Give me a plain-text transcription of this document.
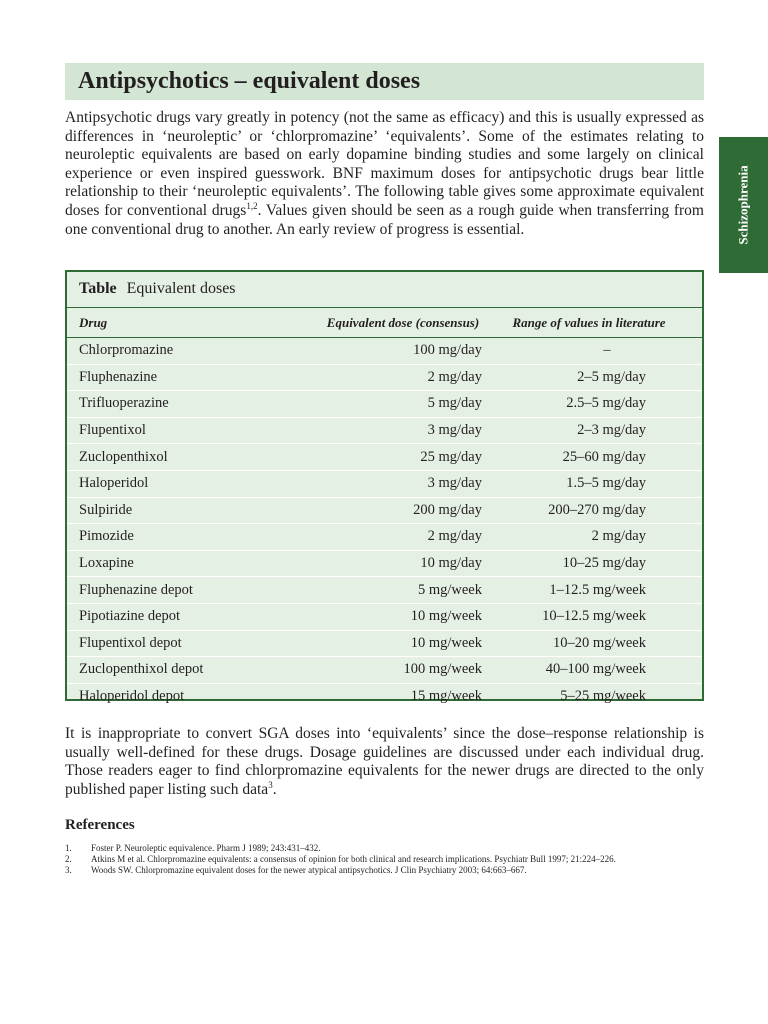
Antipsychotics – equivalent doses
Schizophrenia

Antipsychotic drugs vary greatly in potency (not the same as efficacy) and this is usually expressed as differences in ‘neuroleptic’ or ‘chlorpromazine’ ‘equivalents’. Some of the estimates relating to neuroleptic equivalents are based on early dopamine binding studies and some largely on clinical experience or even inspired guesswork. BNF maximum doses for antipsychotic drugs bear little relationship to their ‘neuroleptic equivalents’. The following table gives some approximate equivalent doses for conventional drugs$^{1,2}$. Values given should be seen as a rough guide when transferring from one conventional drug to another. An early review of progress is essential.

Table Equivalent doses
Drug	Equivalent dose (consensus)	Range of values in literature
Chlorpromazine	100 mg/day	–
Fluphenazine	2 mg/day	2–5 mg/day
Trifluoperazine	5 mg/day	2.5–5 mg/day
Flupentixol	3 mg/day	2–3 mg/day
Zuclopenthixol	25 mg/day	25–60 mg/day
Haloperidol	3 mg/day	1.5–5 mg/day
Sulpiride	200 mg/day	200–270 mg/day
Pimozide	2 mg/day	2 mg/day
Loxapine	10 mg/day	10–25 mg/day
Fluphenazine depot	5 mg/week	1–12.5 mg/week
Pipotiazine depot	10 mg/week	10–12.5 mg/week
Flupentixol depot	10 mg/week	10–20 mg/week
Zuclopenthixol depot	100 mg/week	40–100 mg/week
Haloperidol depot	15 mg/week	5–25 mg/week

It is inappropriate to convert SGA doses into ‘equivalents’ since the dose–response relationship is usually well-defined for these drugs. Dosage guidelines are discussed under each individual drug. Those readers eager to find chlorpromazine equivalents for the newer drugs are directed to the only published paper listing such data$^3$.

References
1.	Foster P. Neuroleptic equivalence. Pharm J 1989; 243:431–432.
2.	Atkins M et al. Chlorpromazine equivalents: a consensus of opinion for both clinical and research implications. Psychiatr Bull 1997; 21:224–226.
3.	Woods SW. Chlorpromazine equivalent doses for the newer atypical antipsychotics. J Clin Psychiatry 2003; 64:663–667.
